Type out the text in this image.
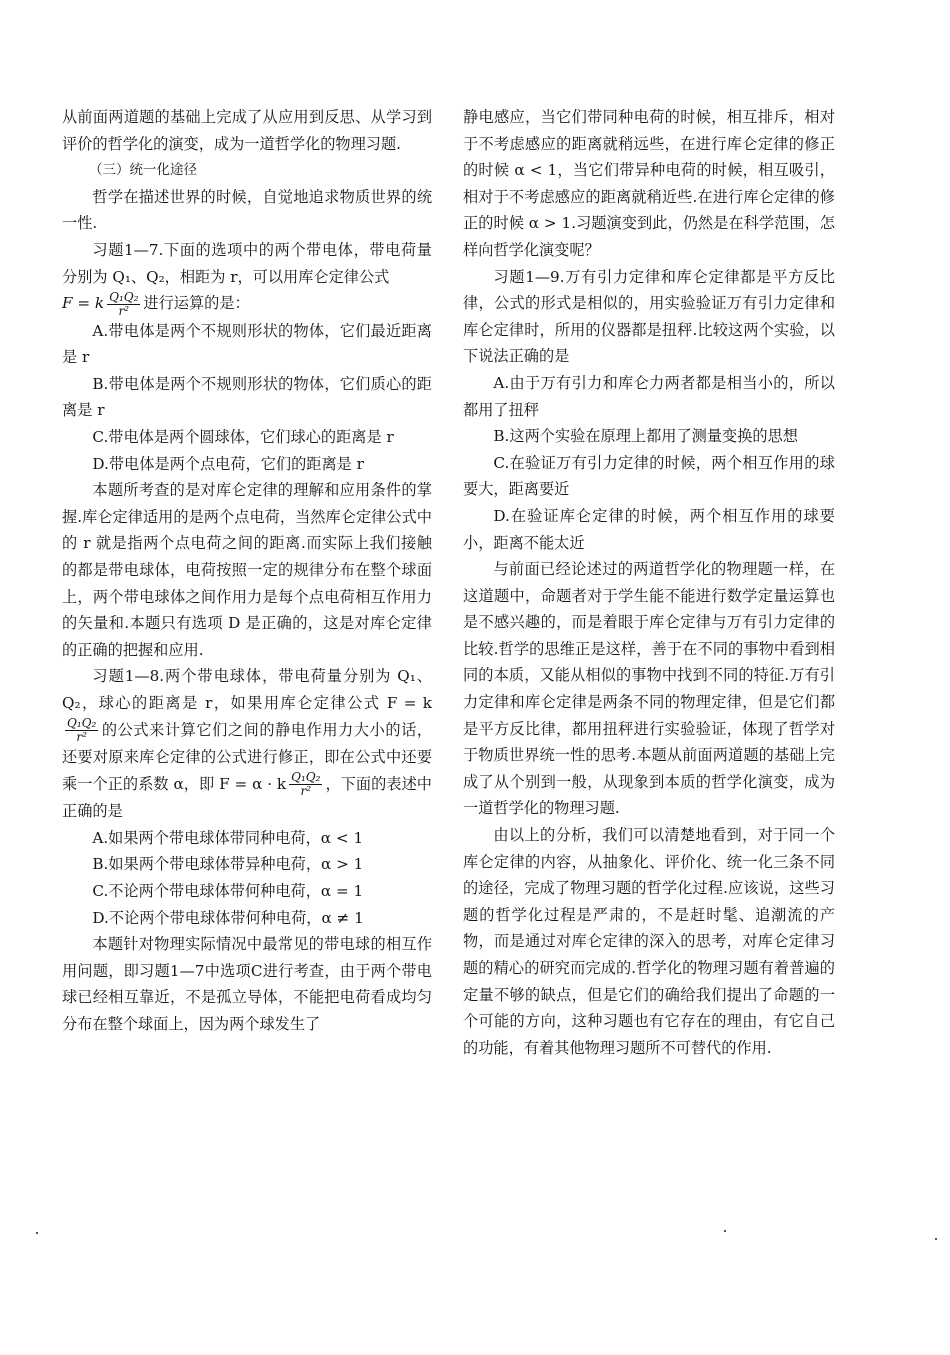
从前面两道题的基础上完成了从应用到反思、从学习到评价的哲学化的演变，成为一道哲学化的物理习题.

（三）统一化途径

哲学在描述世界的时候，自觉地追求物质世界的统一性.

习题1—7.下面的选项中的两个带电体，带电荷量分别为 Q₁、Q₂，相距为 r，可以用库仑定律公式

F = k $\frac{\text{Q₁Q₂}}{\text{r²}}$ 进行运算的是：

A.带电体是两个不规则形状的物体，它们最近距离是 r

B.带电体是两个不规则形状的物体，它们质心的距离是 r

C.带电体是两个圆球体，它们球心的距离是 r

D.带电体是两个点电荷，它们的距离是 r

本题所考查的是对库仑定律的理解和应用条件的掌握.库仑定律适用的是两个点电荷，当然库仑定律公式中的 r 就是指两个点电荷之间的距离.而实际上我们接触的都是带电球体，电荷按照一定的规律分布在整个球面上，两个带电球体之间作用力是每个点电荷相互作用力的矢量和.本题只有选项 D 是正确的，这是对库仑定律的正确的把握和应用.

习题1—8.两个带电球体，带电荷量分别为 Q₁、Q₂，球心的距离是 r，如果用库仑定律公式 F = k
$\frac{\text{Q₁Q₂}}{\text{r²}}$ 的公式来计算它们之间的静电作用力大小的话，还要对原来库仑定律的公式进行修正，即在公式中还要乘一个正的系数 α，即 F = α · k $\frac{\text{Q₁Q₂}}{\text{r²}}$ ，下面的表述中正确的是

A.如果两个带电球体带同种电荷，α < 1

B.如果两个带电球体带异种电荷，α > 1

C.不论两个带电球体带何种电荷，α = 1

D.不论两个带电球体带何种电荷，α ≠ 1

本题针对物理实际情况中最常见的带电球的相互作用问题，即习题1—7中选项C进行考查，由于两个带电球已经相互靠近，不是孤立导体，不能把电荷看成均匀分布在整个球面上，因为两个球发生了

静电感应，当它们带同种电荷的时候，相互排斥，相对于不考虑感应的距离就稍远些，在进行库仑定律的修正的时候 α < 1，当它们带异种电荷的时候，相互吸引，相对于不考虑感应的距离就稍近些.在进行库仑定律的修正的时候 α > 1.习题演变到此，仍然是在科学范围，怎样向哲学化演变呢？

习题1—9.万有引力定律和库仑定律都是平方反比律，公式的形式是相似的，用实验验证万有引力定律和库仑定律时，所用的仪器都是扭秤.比较这两个实验，以下说法正确的是

A.由于万有引力和库仑力两者都是相当小的，所以都用了扭秤

B.这两个实验在原理上都用了测量变换的思想

C.在验证万有引力定律的时候，两个相互作用的球要大，距离要近

D.在验证库仑定律的时候，两个相互作用的球要小，距离不能太近

与前面已经论述过的两道哲学化的物理题一样，在这道题中，命题者对于学生能不能进行数学定量运算也是不感兴趣的，而是着眼于库仑定律与万有引力定律的比较.哲学的思维正是这样，善于在不同的事物中看到相同的本质，又能从相似的事物中找到不同的特征.万有引力定律和库仑定律是两条不同的物理定律，但是它们都是平方反比律，都用扭秤进行实验验证，体现了哲学对于物质世界统一性的思考.本题从前面两道题的基础上完成了从个别到一般，从现象到本质的哲学化演变，成为一道哲学化的物理习题.

由以上的分析，我们可以清楚地看到，对于同一个库仑定律的内容，从抽象化、评价化、统一化三条不同的途径，完成了物理习题的哲学化过程.应该说，这些习题的哲学化过程是严肃的，不是赶时髦、追潮流的产物，而是通过对库仑定律的深入的思考，对库仑定律习题的精心的研究而完成的.哲学化的物理习题有着普遍的定量不够的缺点，但是它们的确给我们提出了命题的一个可能的方向，这种习题也有它存在的理由，有它自己的功能，有着其他物理习题所不可替代的作用.
